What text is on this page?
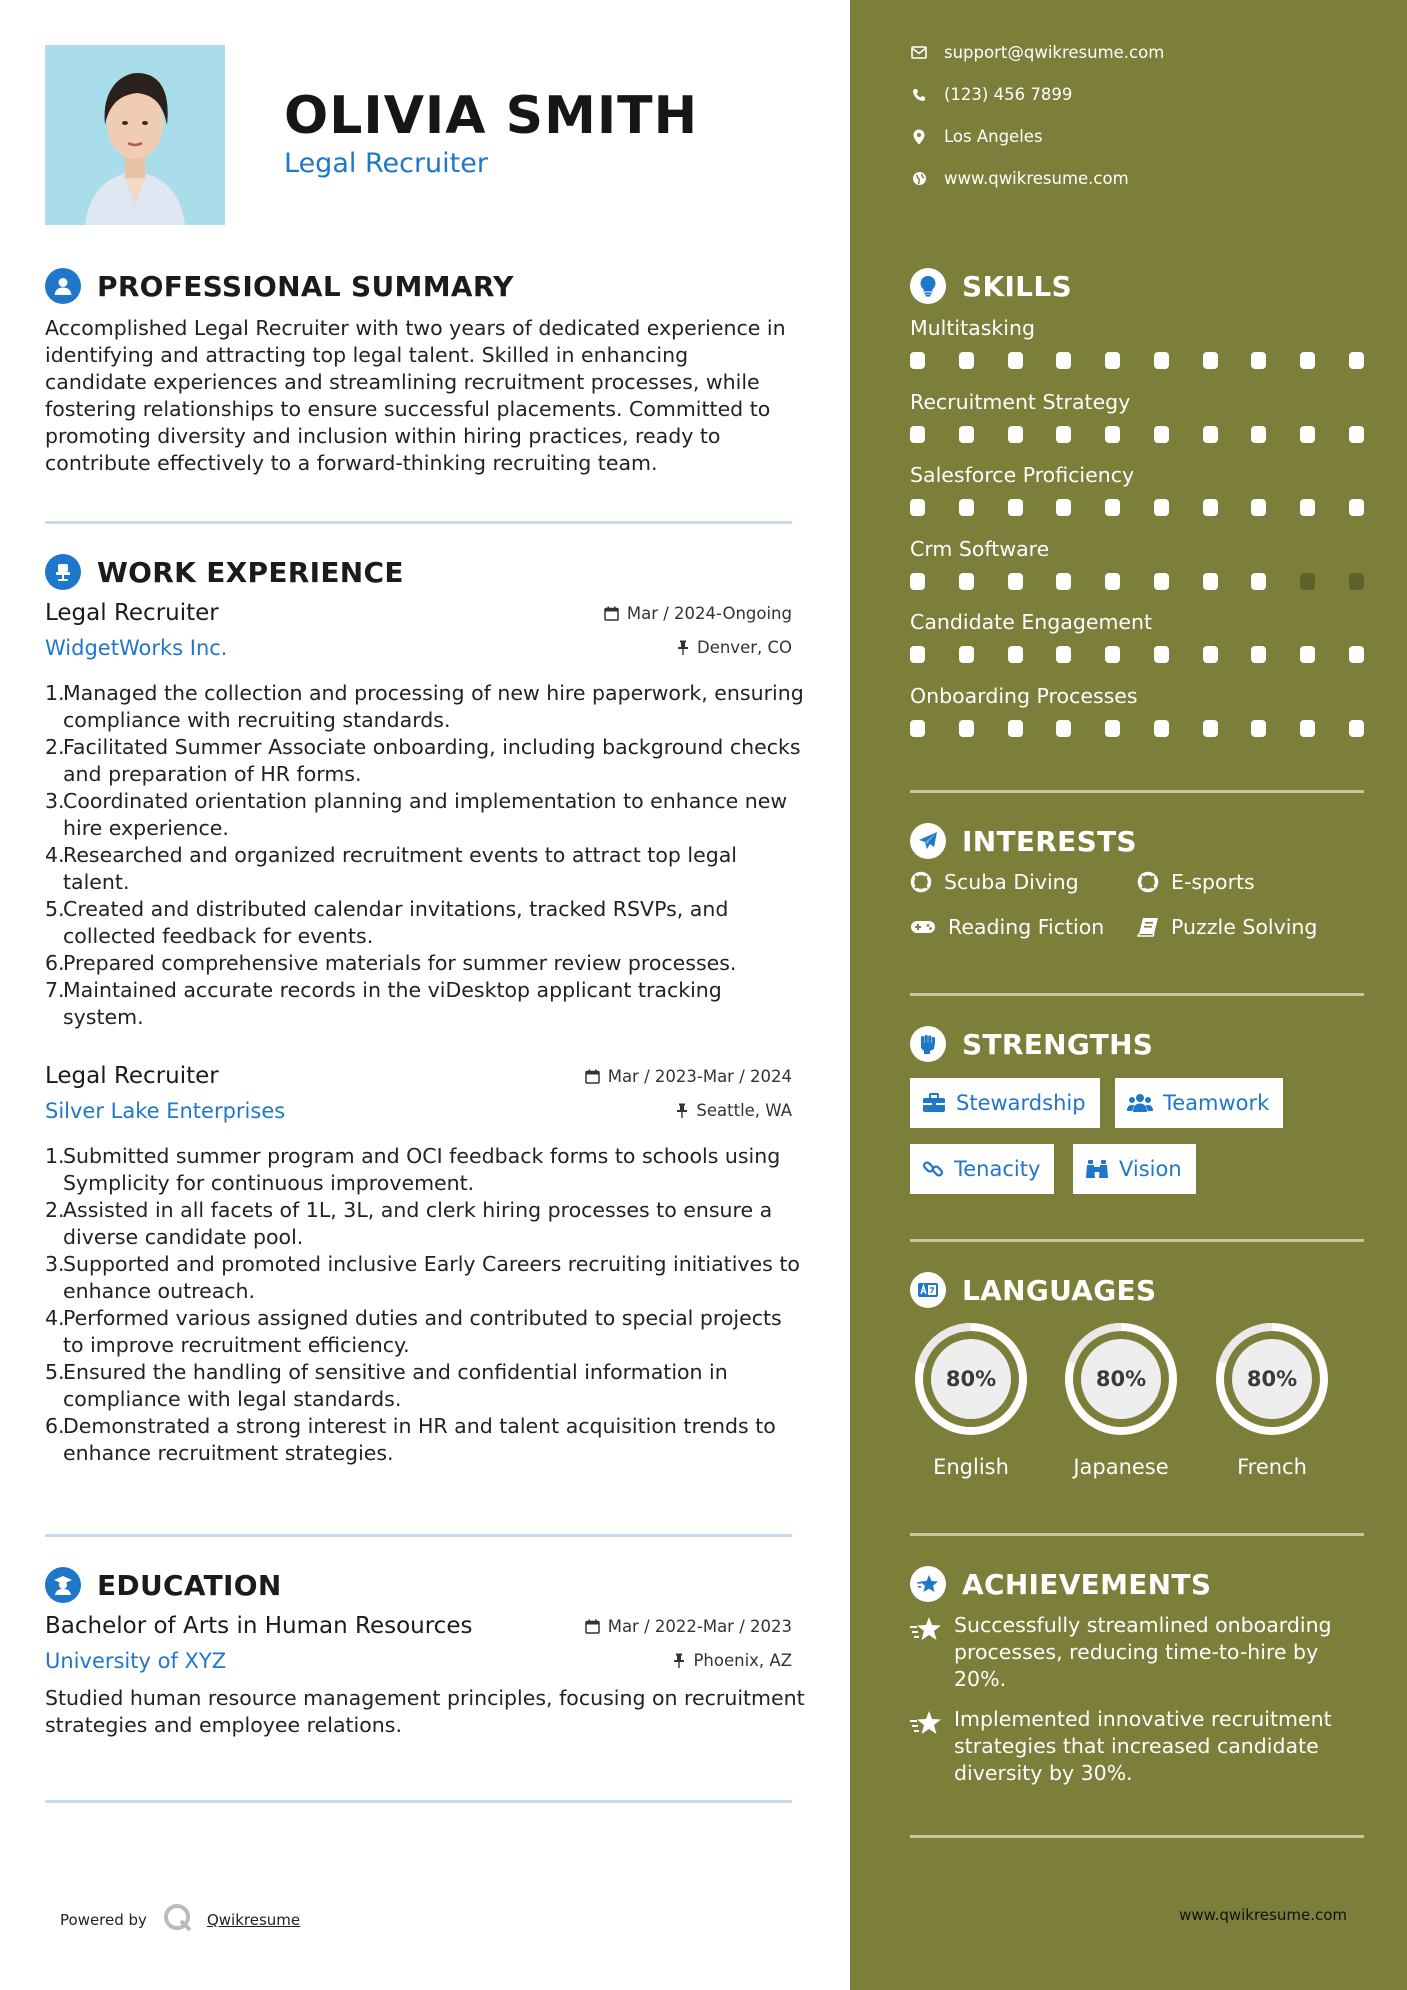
OLIVIA SMITH
Legal Recruiter
PROFESSIONAL SUMMARY
Accomplished Legal Recruiter with two years of dedicated experience in identifying and attracting top legal talent. Skilled in enhancing candidate experiences and streamlining recruitment processes, while fostering relationships to ensure successful placements. Committed to promoting diversity and inclusion within hiring practices, ready to contribute effectively to a forward-thinking recruiting team.
WORK EXPERIENCE
Legal Recruiter
WidgetWorks Inc.
Mar / 2024-Ongoing
Denver, CO
1.
Managed the collection and processing of new hire paperwork, ensuring compliance with recruiting standards.
2.
Facilitated Summer Associate onboarding, including background checks and preparation of HR forms.
3.
Coordinated orientation planning and implementation to enhance new hire experience.
4.
Researched and organized recruitment events to attract top legal talent.
5.
Created and distributed calendar invitations, tracked RSVPs, and collected feedback for events.
6.
Prepared comprehensive materials for summer review processes.
7.
Maintained accurate records in the viDesktop applicant tracking system.
Legal Recruiter
Silver Lake Enterprises
Mar / 2023-Mar / 2024
Seattle, WA
1.
Submitted summer program and OCI feedback forms to schools using Symplicity for continuous improvement.
2.
Assisted in all facets of 1L, 3L, and clerk hiring processes to ensure a diverse candidate pool.
3.
Supported and promoted inclusive Early Careers recruiting initiatives to enhance outreach.
4.
Performed various assigned duties and contributed to special projects to improve recruitment efficiency.
5.
Ensured the handling of sensitive and confidential information in compliance with legal standards.
6.
Demonstrated a strong interest in HR and talent acquisition trends to enhance recruitment strategies.
EDUCATION
Bachelor of Arts in Human Resources
University of XYZ
Mar / 2022-Mar / 2023
Phoenix, AZ
Studied human resource management principles, focusing on recruitment strategies and employee relations.
Powered by	Qwikresume
support@qwikresume.com
(123) 456 7899
Los Angeles
www.qwikresume.com
SKILLS
Multitasking
Recruitment Strategy
Salesforce Proficiency
Crm Software
Candidate Engagement
Onboarding Processes
INTERESTS
Scuba Diving	E-sports
Reading Fiction	Puzzle Solving
STRENGTHS
Stewardship	Teamwork
Tenacity	Vision
LANGUAGES
80%
English
80%
Japanese
80%
French
ACHIEVEMENTS
Successfully streamlined onboarding processes, reducing time-to-hire by 20%.
Implemented innovative recruitment strategies that increased candidate diversity by 30%.
www.qwikresume.com
